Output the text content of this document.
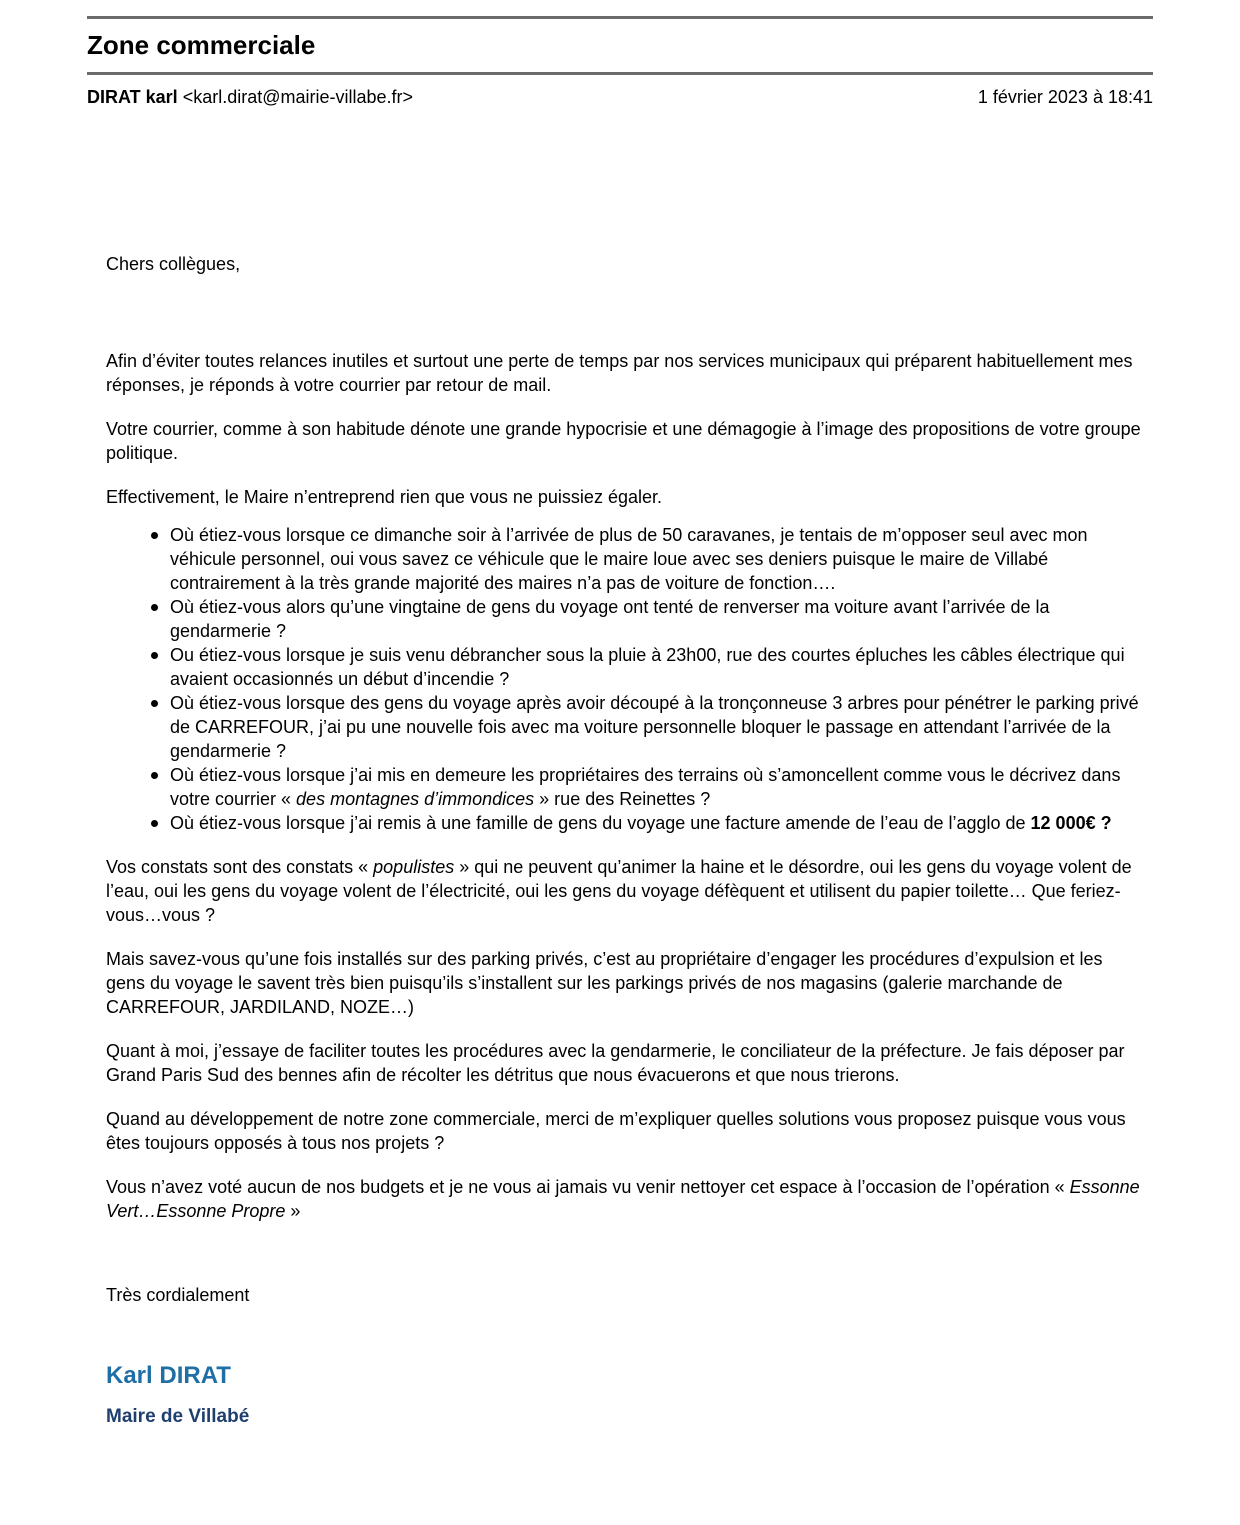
Zone commerciale
DIRAT karl <karl.dirat@mairie-villabe.fr>	1 février 2023 à 18:41

Chers collègues,

Afin d’éviter toutes relances inutiles et surtout une perte de temps par nos services municipaux qui préparent habituellement mes réponses, je réponds à votre courrier par retour de mail.

Votre courrier, comme à son habitude dénote une grande hypocrisie et une démagogie à l’image des propositions de votre groupe politique.

Effectivement, le Maire n’entreprend rien que vous ne puissiez égaler.

Où étiez-vous lorsque ce dimanche soir à l’arrivée de plus de 50 caravanes, je tentais de m’opposer seul avec mon véhicule personnel, oui vous savez ce véhicule que le maire loue avec ses deniers puisque le maire de Villabé contrairement à la très grande majorité des maires n’a pas de voiture de fonction….
Où étiez-vous alors qu’une vingtaine de gens du voyage ont tenté de renverser ma voiture avant l’arrivée de la gendarmerie ?
Ou étiez-vous lorsque je suis venu débrancher sous la pluie à 23h00, rue des courtes épluches les câbles électrique qui avaient occasionnés un début d’incendie ?
Où étiez-vous lorsque des gens du voyage après avoir découpé à la tronçonneuse 3 arbres pour pénétrer le parking privé de CARREFOUR, j’ai pu une nouvelle fois avec ma voiture personnelle bloquer le passage en attendant l’arrivée de la gendarmerie ?
Où étiez-vous lorsque j’ai mis en demeure les propriétaires des terrains où s’amoncellent comme vous le décrivez dans votre courrier « des montagnes d’immondices » rue des Reinettes ?
Où étiez-vous lorsque j’ai remis à une famille de gens du voyage une facture amende de l’eau de l’agglo de 12 000€ ?

Vos constats sont des constats « populistes » qui ne peuvent qu’animer la haine et le désordre, oui les gens du voyage volent de l’eau, oui les gens du voyage volent de l’électricité, oui les gens du voyage défèquent et utilisent du papier toilette… Que feriez-vous…vous ?

Mais savez-vous qu’une fois installés sur des parking privés, c’est au propriétaire d’engager les procédures d’expulsion et les gens du voyage le savent très bien puisqu’ils s’installent sur les parkings privés de nos magasins (galerie marchande de CARREFOUR, JARDILAND, NOZE…)

Quant à moi, j’essaye de faciliter toutes les procédures avec la gendarmerie, le conciliateur de la préfecture. Je fais déposer par Grand Paris Sud des bennes afin de récolter les détritus que nous évacuerons et que nous trierons.

Quand au développement de notre zone commerciale, merci de m’expliquer quelles solutions vous proposez puisque vous vous êtes toujours opposés à tous nos projets ?

Vous n’avez voté aucun de nos budgets et je ne vous ai jamais vu venir nettoyer cet espace à l’occasion de l’opération « Essonne Vert…Essonne Propre »

Très cordialement

Karl DIRAT

Maire de Villabé
